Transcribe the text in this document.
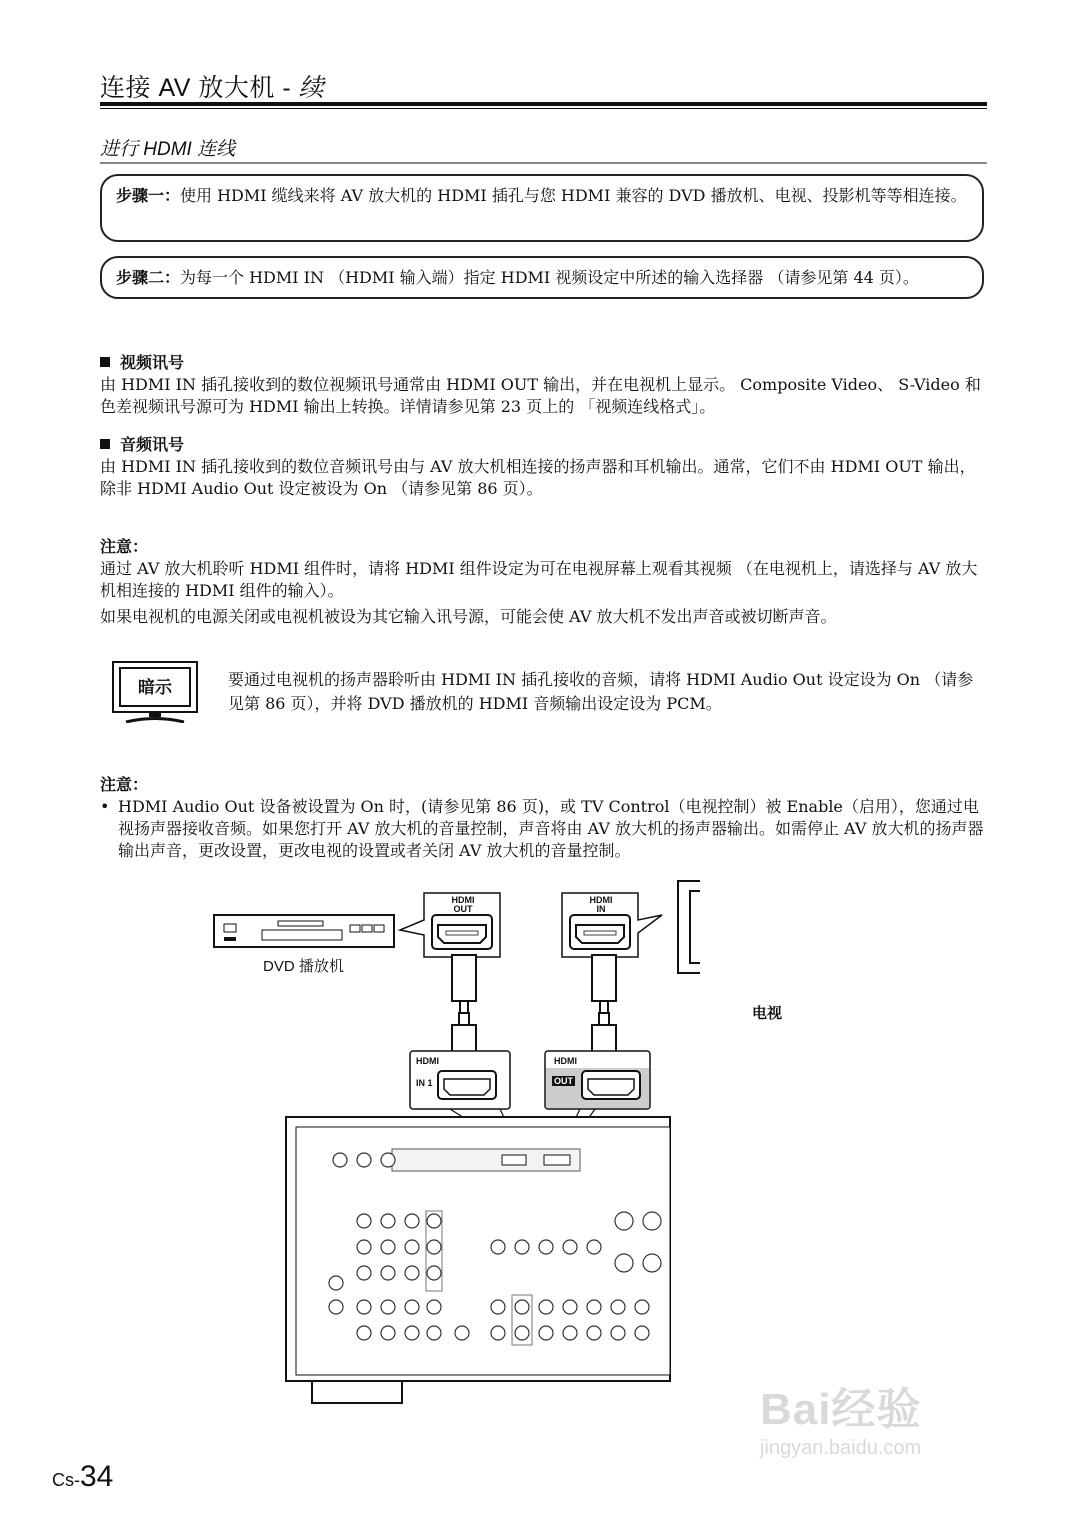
连接 AV 放大机 - 续
进行 HDMI 连线
步骤一：使用 HDMI 缆线来将 AV 放大机的 HDMI 插孔与您 HDMI 兼容的 DVD 播放机、电视、投影机等等相连接。
步骤二：为每一个 HDMI IN （HDMI 输入端）指定 HDMI 视频设定中所述的输入选择器 （请参见第 44 页）。
视频讯号
由 HDMI IN 插孔接收到的数位视频讯号通常由 HDMI OUT 输出，并在电视机上显示。 Composite Video、 S-Video 和色差视频讯号源可为 HDMI 输出上转换。详情请参见第 23 页上的 「视频连线格式」。
音频讯号
由 HDMI IN 插孔接收到的数位音频讯号由与 AV 放大机相连接的扬声器和耳机输出。通常，它们不由 HDMI OUT 输出，除非 HDMI Audio Out 设定被设为 On （请参见第 86 页）。
注意：
通过 AV 放大机聆听 HDMI 组件时，请将 HDMI 组件设定为可在电视屏幕上观看其视频 （在电视机上，请选择与 AV 放大机相连接的 HDMI 组件的输入）。
如果电视机的电源关闭或电视机被设为其它输入讯号源，可能会使 AV 放大机不发出声音或被切断声音。
暗示	要通过电视机的扬声器聆听由 HDMI IN 插孔接收的音频，请将 HDMI Audio Out 设定设为 On （请参见第 86 页），并将 DVD 播放机的 HDMI 音频输出设定设为 PCM。
注意：
• HDMI Audio Out 设备被设置为 On 时，(请参见第 86 页)，或 TV Control（电视控制）被 Enable（启用），您通过电视扬声器接收音频。如果您打开 AV 放大机的音量控制，声音将由 AV 放大机的扬声器输出。如需停止 AV 放大机的扬声器输出声音，更改设置，更改电视的设置或者关闭 AV 放大机的音量控制。
DVD 播放机
电视
HDMI
OUT
HDMI
IN
HDMI
IN 1
HDMI
OUT
Cs-34
Bai经验
jingyan.baidu.com
